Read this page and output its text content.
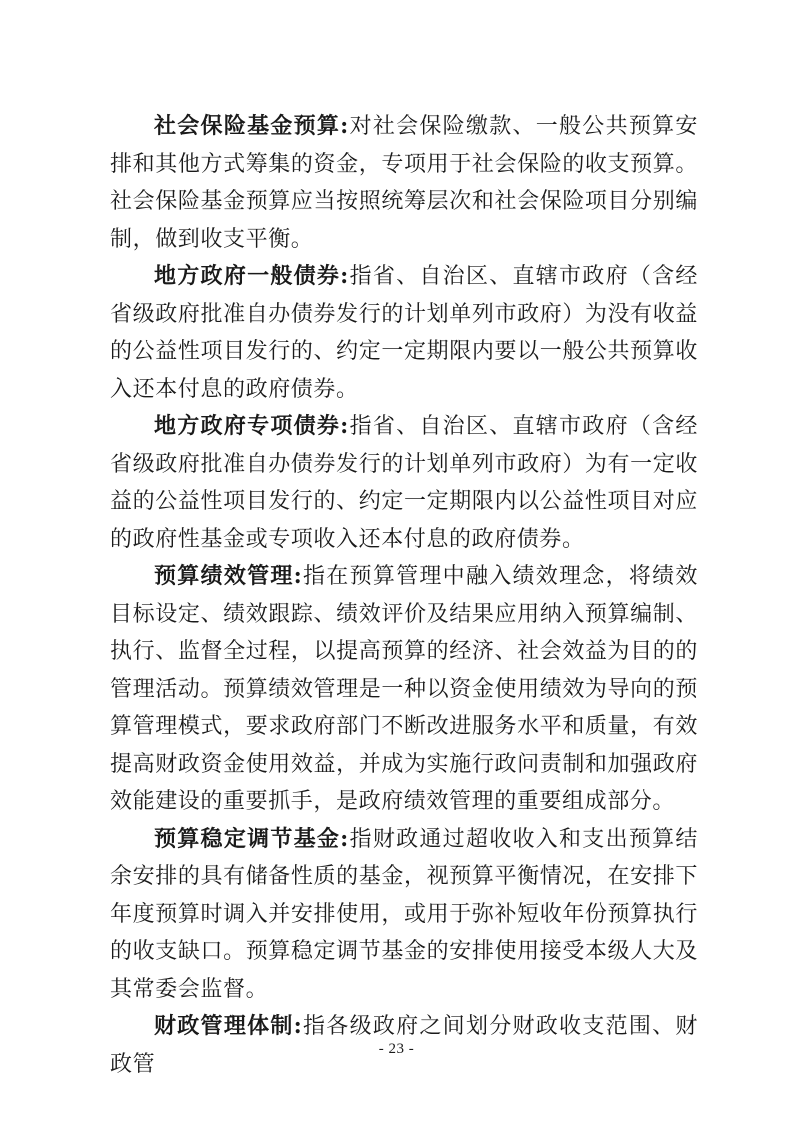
社会保险基金预算:对社会保险缴款、一般公共预算安排和其他方式筹集的资金，专项用于社会保险的收支预算。社会保险基金预算应当按照统筹层次和社会保险项目分别编制，做到收支平衡。

地方政府一般债券:指省、自治区、直辖市政府（含经省级政府批准自办债券发行的计划单列市政府）为没有收益的公益性项目发行的、约定一定期限内要以一般公共预算收入还本付息的政府债券。

地方政府专项债券:指省、自治区、直辖市政府（含经省级政府批准自办债券发行的计划单列市政府）为有一定收益的公益性项目发行的、约定一定期限内以公益性项目对应的政府性基金或专项收入还本付息的政府债券。

预算绩效管理:指在预算管理中融入绩效理念，将绩效目标设定、绩效跟踪、绩效评价及结果应用纳入预算编制、执行、监督全过程，以提高预算的经济、社会效益为目的的管理活动。预算绩效管理是一种以资金使用绩效为导向的预算管理模式，要求政府部门不断改进服务水平和质量，有效提高财政资金使用效益，并成为实施行政问责制和加强政府效能建设的重要抓手，是政府绩效管理的重要组成部分。

预算稳定调节基金:指财政通过超收收入和支出预算结余安排的具有储备性质的基金，视预算平衡情况，在安排下年度预算时调入并安排使用，或用于弥补短收年份预算执行的收支缺口。预算稳定调节基金的安排使用接受本级人大及其常委会监督。

财政管理体制:指各级政府之间划分财政收支范围、财政管

- 23 -
